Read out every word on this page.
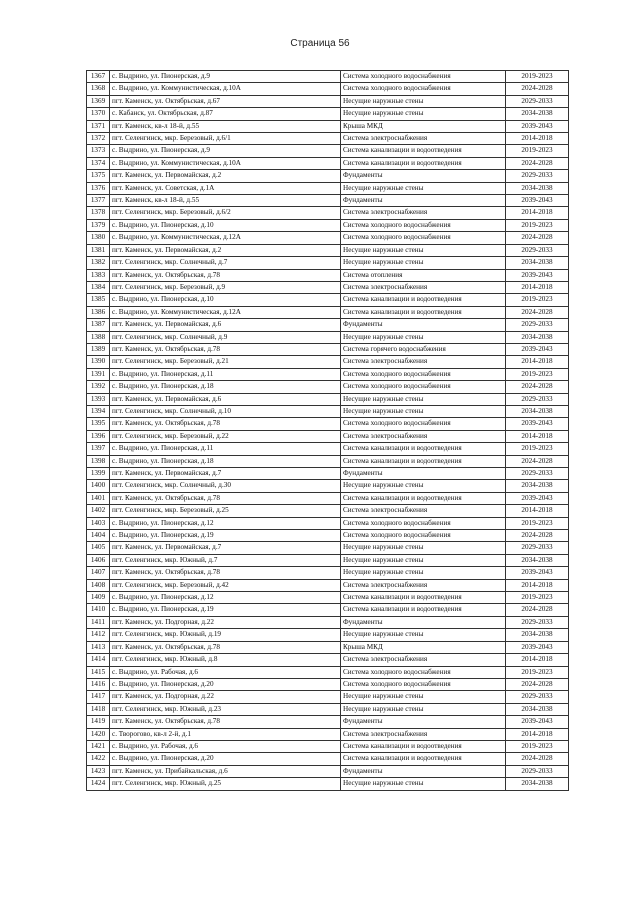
Страница 56
1367	с. Выдрино, ул. Пионерская, д.9	Система холодного водоснабжения	2019-2023
1368	с. Выдрино, ул. Коммунистическая, д.10А	Система холодного водоснабжения	2024-2028
1369	пгт. Каменск, ул. Октябрьская, д.67	Несущие наружные стены	2029-2033
1370	с. Кабанск, ул. Октябрьская, д.87	Несущие наружные стены	2034-2038
1371	пгт. Каменск, кв-л 18-й, д.55	Крыша МКД	2039-2043
1372	пгт. Селенгинск, мкр. Березовый, д.6/1	Система электроснабжения	2014-2018
1373	с. Выдрино, ул. Пионерская, д.9	Система канализации и водоотведения	2019-2023
1374	с. Выдрино, ул. Коммунистическая, д.10А	Система канализации и водоотведения	2024-2028
1375	пгт. Каменск, ул. Первомайская, д.2	Фундаменты	2029-2033
1376	пгт. Каменск, ул. Советская, д.1А	Несущие наружные стены	2034-2038
1377	пгт. Каменск, кв-л 18-й, д.55	Фундаменты	2039-2043
1378	пгт. Селенгинск, мкр. Березовый, д.6/2	Система электроснабжения	2014-2018
1379	с. Выдрино, ул. Пионерская, д.10	Система холодного водоснабжения	2019-2023
1380	с. Выдрино, ул. Коммунистическая, д.12А	Система холодного водоснабжения	2024-2028
1381	пгт. Каменск, ул. Первомайская, д.2	Несущие наружные стены	2029-2033
1382	пгт. Селенгинск, мкр. Солнечный, д.7	Несущие наружные стены	2034-2038
1383	пгт. Каменск, ул. Октябрьская, д.78	Система отопления	2039-2043
1384	пгт. Селенгинск, мкр. Березовый, д.9	Система электроснабжения	2014-2018
1385	с. Выдрино, ул. Пионерская, д.10	Система канализации и водоотведения	2019-2023
1386	с. Выдрино, ул. Коммунистическая, д.12А	Система канализации и водоотведения	2024-2028
1387	пгт. Каменск, ул. Первомайская, д.6	Фундаменты	2029-2033
1388	пгт. Селенгинск, мкр. Солнечный, д.9	Несущие наружные стены	2034-2038
1389	пгт. Каменск, ул. Октябрьская, д.78	Система горячего водоснабжения	2039-2043
1390	пгт. Селенгинск, мкр. Березовый, д.21	Система электроснабжения	2014-2018
1391	с. Выдрино, ул. Пионерская, д.11	Система холодного водоснабжения	2019-2023
1392	с. Выдрино, ул. Пионерская, д.18	Система холодного водоснабжения	2024-2028
1393	пгт. Каменск, ул. Первомайская, д.6	Несущие наружные стены	2029-2033
1394	пгт. Селенгинск, мкр. Солнечный, д.10	Несущие наружные стены	2034-2038
1395	пгт. Каменск, ул. Октябрьская, д.78	Система холодного водоснабжения	2039-2043
1396	пгт. Селенгинск, мкр. Березовый, д.22	Система электроснабжения	2014-2018
1397	с. Выдрино, ул. Пионерская, д.11	Система канализации и водоотведения	2019-2023
1398	с. Выдрино, ул. Пионерская, д.18	Система канализации и водоотведения	2024-2028
1399	пгт. Каменск, ул. Первомайская, д.7	Фундаменты	2029-2033
1400	пгт. Селенгинск, мкр. Солнечный, д.30	Несущие наружные стены	2034-2038
1401	пгт. Каменск, ул. Октябрьская, д.78	Система канализации и водоотведения	2039-2043
1402	пгт. Селенгинск, мкр. Березовый, д.25	Система электроснабжения	2014-2018
1403	с. Выдрино, ул. Пионерская, д.12	Система холодного водоснабжения	2019-2023
1404	с. Выдрино, ул. Пионерская, д.19	Система холодного водоснабжения	2024-2028
1405	пгт. Каменск, ул. Первомайская, д.7	Несущие наружные стены	2029-2033
1406	пгт. Селенгинск, мкр. Южный, д.7	Несущие наружные стены	2034-2038
1407	пгт. Каменск, ул. Октябрьская, д.78	Несущие наружные стены	2039-2043
1408	пгт. Селенгинск, мкр. Березовый, д.42	Система электроснабжения	2014-2018
1409	с. Выдрино, ул. Пионерская, д.12	Система канализации и водоотведения	2019-2023
1410	с. Выдрино, ул. Пионерская, д.19	Система канализации и водоотведения	2024-2028
1411	пгт. Каменск, ул. Подгорная, д.22	Фундаменты	2029-2033
1412	пгт. Селенгинск, мкр. Южный, д.19	Несущие наружные стены	2034-2038
1413	пгт. Каменск, ул. Октябрьская, д.78	Крыша МКД	2039-2043
1414	пгт. Селенгинск, мкр. Южный, д.8	Система электроснабжения	2014-2018
1415	с. Выдрино, ул. Рабочая, д.6	Система холодного водоснабжения	2019-2023
1416	с. Выдрино, ул. Пионерская, д.20	Система холодного водоснабжения	2024-2028
1417	пгт. Каменск, ул. Подгорная, д.22	Несущие наружные стены	2029-2033
1418	пгт. Селенгинск, мкр. Южный, д.23	Несущие наружные стены	2034-2038
1419	пгт. Каменск, ул. Октябрьская, д.78	Фундаменты	2039-2043
1420	с. Творогово, кв-л 2-й, д.1	Система электроснабжения	2014-2018
1421	с. Выдрино, ул. Рабочая, д.6	Система канализации и водоотведения	2019-2023
1422	с. Выдрино, ул. Пионерская, д.20	Система канализации и водоотведения	2024-2028
1423	пгт. Каменск, ул. Прибайкальская, д.6	Фундаменты	2029-2033
1424	пгт. Селенгинск, мкр. Южный, д.25	Несущие наружные стены	2034-2038
